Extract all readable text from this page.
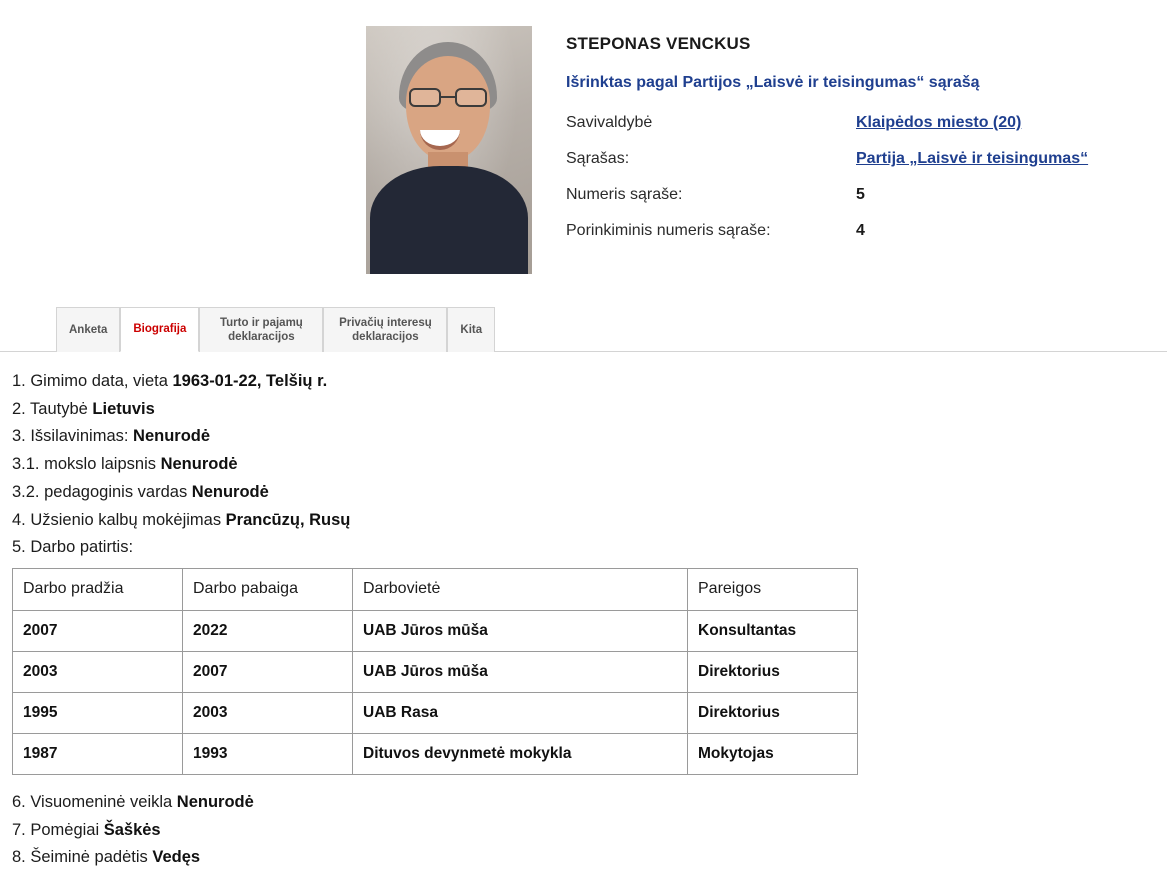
STEPONAS VENCKUS
Išrinktas pagal Partijos „Laisvė ir teisingumas“ sąrašą
Savivaldybė	Klaipėdos miesto (20)
Sąrašas:	Partija „Laisvė ir teisingumas“
Numeris sąraše:	5
Porinkiminis numeris sąraše:	4
Anketa Biografija
Turto ir pajamų deklaracijos
Privačių interesų deklaracijos
Kita
1. Gimimo data, vieta 1963-01-22, Telšių r.
2. Tautybė Lietuvis
3. Išsilavinimas: Nenurodė
3.1. mokslo laipsnis Nenurodė
3.2. pedagoginis vardas Nenurodė
4. Užsienio kalbų mokėjimas Prancūzų, Rusų
5. Darbo patirtis:
Darbo pradžia	Darbo pabaiga	Darbovietė	Pareigos
2007	2022	UAB Jūros mūša	Konsultantas
2003	2007	UAB Jūros mūša	Direktorius
1995	2003	UAB Rasa	Direktorius
1987	1993	Dituvos devynmetė mokykla	Mokytojas
6. Visuomeninė veikla Nenurodė
7. Pomėgiai Šaškės
8. Šeiminė padėtis Vedęs
